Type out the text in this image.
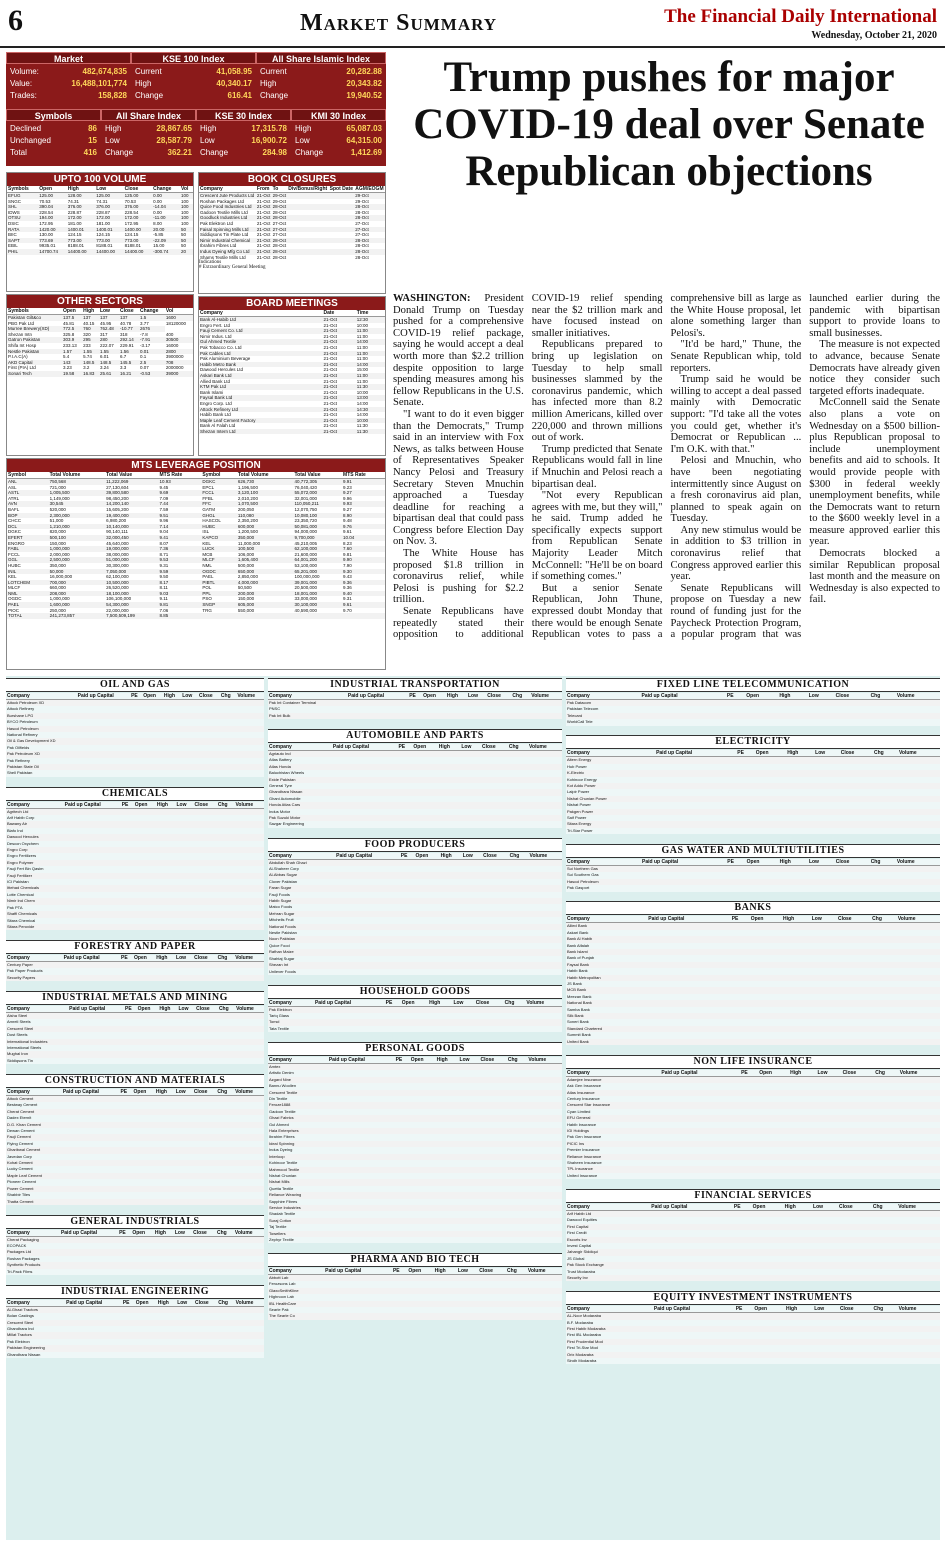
6	Market Summary	The Financial Daily International
Wednesday, October 21, 2020
Market
Volume:	482,674,835
Value:	16,488,101,774
Trades:	158,828
KSE 100 Index
Current	41,058.95
High	40,340.17
Change	616.41
All Share Islamic Index
Current	20,282.88
High	20,343.82
Change	19,940.52
Symbols
Declined	86
Unchanged	15
Total	416
All Share Index
High	28,867.65
Low	28,587.79
Change	362.21
KSE 30 Index
High	17,315.78
Low	16,900.72
Change	284.98
KMI 30 Index
High	65,087.03
Low	64,315.00
Change	1,412.69
Trump pushes for major COVID-19 deal over Senate Republican objections

WASHINGTON: President Donald Trump on Tuesday pushed for a comprehensive COVID-19 relief package, saying he would accept a deal worth more than $2.2 trillion despite opposition to large spending measures among his fellow Republicans in the U.S. Senate.

"I want to do it even bigger than the Democrats," Trump said in an interview with Fox News, as talks between House of Representatives Speaker Nancy Pelosi and Treasury Secretary Steven Mnuchin approached a Tuesday deadline for reaching a bipartisan deal that could pass Congress before Election Day on Nov. 3.

The White House has proposed $1.8 trillion in coronavirus relief, while Pelosi is pushing for $2.2 trillion.

Senate Republicans have repeatedly stated their opposition to additional COVID-19 relief spending near the $2 trillion mark and have focused instead on smaller initiatives.

Republicans prepared to bring up legislation on Tuesday to help small businesses slammed by the coronavirus pandemic, which has infected more than 8.2 million Americans, killed over 220,000 and thrown millions out of work.

Trump predicted that Senate Republicans would fall in line if Mnuchin and Pelosi reach a bipartisan deal.

"Not every Republican agrees with me, but they will," he said. Trump added he specifically expects support from Republican Senate Majority Leader Mitch McConnell: "He'll be on board if something comes."

But a senior Senate Republican, John Thune, expressed doubt Monday that there would be enough Senate Republican votes to pass a comprehensive bill as large as the White House proposal, let alone something larger than Pelosi's.

"It'd be hard," Thune, the Senate Republican whip, told reporters.

Trump said he would be willing to accept a deal passed mainly with Democratic support: "I'd take all the votes you could get, whether it's Democrat or Republican ... I'm O.K. with that."

Pelosi and Mnuchin, who have been negotiating intermittently since August on a fresh coronavirus aid plan, planned to speak again on Tuesday.

Any new stimulus would be in addition to $3 trillion in coronavirus relief that Congress approved earlier this year.

Senate Republicans will propose on Tuesday a new round of funding just for the Paycheck Protection Program, a popular program that was launched earlier during the pandemic with bipartisan support to provide loans to small businesses.

The measure is not expected to advance, because Senate Democrats have already given notice they consider such targeted efforts inadequate.

McConnell said the Senate also plans a vote on Wednesday on a $500 billion-plus Republican proposal to include unemployment benefits and aid to schools. It would provide people with $300 in federal weekly unemployment benefits, while the Democrats want to return to the $600 weekly level in a measure approved earlier this year.

Democrats blocked a similar Republican proposal last month and the measure on Wednesday is also expected to fail.

UPTO 100 VOLUME
Symbols	Open	High	Low	Close	Change	Vol
EFUG	125.00	128.00	125.00	125.00	0.00	100
SNGC	70.53	74.31	74.31	70.53	0.00	100
SHL	390.04	376.00	376.00	376.00	-14.04	100
IDWS	228.54	228.87	228.87	228.54	0.00	100
OTSU	194.00	172.00	172.00	172.00	-11.00	100
DSIC	172.95	181.00	181.00	172.95	8.00	100
RATA	1420.00	1400.01	1400.01	1400.00	20.00	50
BIIC	130.00	124.15	124.15	124.15	-5.85	50
SAPT	773.69	773.00	773.00	773.00	-22.09	50
EBIL	9935.01	8188.01	8188.01	8188.01	15.00	50
PHIL	14700.74	14400.00	14400.00	14400.00	-300.74	20
OTHER SECTORS
Symbols	Open	High	Low	Close	Change	Vol
Pakistan Gilt&co	137.5	137	137	137	1.5	1600
PBG Pak Ltd	45.81	40.15	45.95	40.78	3.77	18120000
Murree Brewery(XD)	772.5	760	762.48	-10.77	2676	
Shezan Intn	325.8	320	317	318	-7.8	400
Gatron Pakistan	303.9	295	280	292.14	-7.91	30500
Shifa Int Hosp	233.13	233	222.07	229.91	-3.17	16000
Nestle Pakistan	1.57	1.55	1.55	1.56	0.01	2800
P.I.A.C(A)	5.4	5.74	6.01	6.7	0.1	3900000
AKD Capital	143	148.5	148.5	145.5	2.5	708
First (PIA) Ltd	3.23	3.2	3.24	3.3	0.07	2000000
Sonari Tech	19.58	16.83	25.61	16.21	-0.53	39000
BOOK CLOSURES
Company	From	To	Div/Bonus/Right	Spot Date	AGM/EOGM
Crescent Jute Products Ltd	21-Oct	29-Oct			29-Oct
Roshan Packages Ltd	21-Oct	29-Oct			29-Oct
Quice Food Industries Ltd	21-Oct	28-Oct			28-Oct
Gadoon Textile Mills Ltd	21-Oct	28-Oct			28-Oct
Goodluck Industries Ltd	21-Oct	28-Oct			28-Oct
Pak Elektron Ltd	21-Oct	27-Oct			27-Oct
Faisal Spinning Mills Ltd	21-Oct	27-Oct			27-Oct
Siddiqsons Tin Plate Ltd	21-Oct	27-Oct			27-Oct
Nimir Industrial Chemical	21-Oct	28-Oct			28-Oct
Ibrahim Fibres Ltd	21-Oct	28-Oct			28-Oct
Indus Dyeing Mfg Co Ltd	21-Oct	28-Oct			28-Oct
Shams Textile Mills Ltd	21-Oct	28-Oct			28-Oct
Indications
# Extraordinary General Meeting
BOARD MEETINGS
Company	Date	Time
Bank Al-Habib Ltd	21-Oct	12:30
Engro Fert. Ltd	21-Oct	10:00
Fauji Cement Co. Ltd	21-Oct	11:00
Nimir Indus. Ltd	21-Oct	11:00
Gul Ahmed Textile	21-Oct	14:00
Pak Tobacco Co. Ltd	21-Oct	11:00
Pak Cables Ltd	21-Oct	11:00
Pak Aluminium Beverage	21-Oct	11:00
Habib Metro Bank	21-Oct	14:00
Dawood Hercules Ltd	21-Oct	15:00
Askari Bank Ltd	21-Oct	11:00
Allied Bank Ltd	21-Oct	11:00
KTM Pak Ltd	21-Oct	11:30
Bank Islami	21-Oct	10:00
Faysal Bank Ltd	21-Oct	13:00
Engro Corp. Ltd	21-Oct	14:00
Attock Refinery Ltd	21-Oct	14:30
Habib Bank Ltd	21-Oct	14:00
Maple Leaf Cement Factory	21-Oct	10:00
Bank Al Falah Ltd	21-Oct	11:30
Shezan Intern Ltd	21-Oct	11:30
MTS LEVERAGE POSITION
Symbol	Total Volume	Total Value	MTS Rate	Symbol	Total Volume	Total Value	MTS Rate
ANL	750,568	11,222,069	10.93	DGKC	626,730	40,772,305	9.91
ASL	721,000	27,130,604	9.45	EPCL	1,196,500	76,040,420	9.23
ASTL	1,005,500	39,800,580	9.69	FCCL	3,120,100	55,072,000	9.27
ATRL	1,149,000	98,450,200	7.09	FFBL	2,010,200	32,001,000	9.96
AVN	30,545	14,200,140	7.44	FFC	1,070,500	110,050,211	9.93
BAFL	520,000	15,605,200	7.59	GATM	200,050	12,070,750	9.27
BOP	2,300,000	19,400,000	9.51	GHGL	110,080	10,080,100	8.90
CHCC	51,000	6,980,200	9.96	HASCOL	2,350,200	23,350,720	9.48
DCL	1,210,000	10,140,000	7.14	HUBC	600,000	50,081,000	9.76
DGKC	820,000	90,140,111	9.04	ISL	1,200,500	94,000,000	9.61
EFERT	500,100	32,000,450	9.41	KAPCO	350,000	9,700,000	10.04
ENGRO	150,000	45,640,000	8.07	KEL	11,000,000	45,210,005	8.23
FABL	1,000,000	19,000,000	7.36	LUCK	100,500	62,100,000	7.60
FCCL	2,000,000	38,000,000	8.71	MCB	106,000	21,600,000	9.81
GGL	2,500,000	51,000,000	9.53	MLCF	1,605,400	64,001,200	9.90
HUBC	350,000	30,300,000	9.31	NML	500,000	53,100,000	7.90
INIL	50,000	7,050,000	9.59	OGDC	650,000	65,201,000	9.30
KEL	16,000,000	62,100,000	9.50	PAEL	2,850,000	100,000,000	9.43
LOTCHEM	700,000	10,500,000	8.17	PIBTL	4,000,000	39,001,000	9.36
MLCF	660,000	26,520,000	8.11	POL	50,500	20,500,000	9.36
NML	208,000	18,100,000	9.03	PPL	200,000	18,001,000	9.40
OGDC	1,000,000	106,100,000	9.11	PSO	150,000	33,000,000	9.31
PAEL	1,600,000	54,300,000	9.81	SNGP	605,000	30,100,000	9.61
PIOC	250,000	22,000,000	7.06	TRG	550,000	40,590,000	9.70
TOTAL	241,273,857	7,500,509,199	8.85				
OIL AND GAS
Company	Paid up Capital	PE	Open	High	Low	Close	Chg	Volume
Attock Petroleum XD								
Attock Refinery								
Burshane LPG								
BYCO Petroleum								
Hascol Petroleum								
National Refinery								
Oil & Gas Development XD								
Pak Oilfields								
Pak Petroleum XD								
Pak Refinery								
Pakistan State Oil								
Shell Pakistan								
CHEMICALS
Company	Paid up Capital	PE	Open	High	Low	Close	Chg	Volume
Agritech Ltd								
Arif Habib Corp								
Bawany Air								
Biafo Ind								
Dawood Hercules								
Descon Oxychem								
Engro Corp								
Engro Fertilizers								
Engro Polymer								
Fauji Fert Bin Qasim								
Fauji Fertilizer								
ICI Pakistan								
Ittehad Chemicals								
Lotte Chemical								
Nimir Ind Chem								
Pak PTA								
Shaffi Chemicals								
Sitara Chemical								
Sitara Peroxide								
FORESTRY AND PAPER
Company	Paid up Capital	PE	Open	High	Low	Close	Chg	Volume
Century Paper								
Pak Paper Products								
Security Papers								
INDUSTRIAL METALS AND MINING
Company	Paid up Capital	PE	Open	High	Low	Close	Chg	Volume
Aisha Steel								
Amreli Steels								
Crescent Steel								
Dost Steels								
International Industries								
International Steels								
Mughal Iron								
Siddiqsons Tin								
CONSTRUCTION AND MATERIALS
Company	Paid up Capital	PE	Open	High	Low	Close	Chg	Volume
Attock Cement								
Bestway Cement								
Cherat Cement								
Dadex Eternit								
D.G. Khan Cement								
Dewan Cement								
Fauji Cement								
Flying Cement								
Gharibwal Cement								
Javedan Corp								
Kohat Cement								
Lucky Cement								
Maple Leaf Cement								
Pioneer Cement								
Power Cement								
Shabbir Tiles								
Thatta Cement								
GENERAL INDUSTRIALS
Company	Paid up Capital	PE	Open	High	Low	Close	Chg	Volume
Cherat Packaging								
ECOPACK								
Packages Ltd								
Roshan Packages								
Synthetic Products								
Tri-Pack Films								
INDUSTRIAL ENGINEERING
Company	Paid up Capital	PE	Open	High	Low	Close	Chg	Volume
Al-Ghazi Tractors								
Bolan Castings								
Crescent Steel								
Ghandhara Ind								
Millat Tractors								
Pak Elektron								
Pakistan Engineering								
Ghandhara Nissan								
INDUSTRIAL TRANSPORTATION
Company	Paid up Capital	PE	Open	High	Low	Close	Chg	Volume
Pak Int Container Terminal								
PNSC								
Pak Int Bulk								
AUTOMOBILE AND PARTS
Company	Paid up Capital	PE	Open	High	Low	Close	Chg	Volume
Agriauto Ind								
Atlas Battery								
Atlas Honda								
Baluchistan Wheels								
Exide Pakistan								
General Tyre								
Ghandhara Nissan								
Ghani Automobile								
Honda Atlas Cars								
Indus Motor								
Pak Suzuki Motor								
Sazgar Engineering								
FOOD PRODUCERS
Company	Paid up Capital	PE	Open	High	Low	Close	Chg	Volume
Abdullah Shah Ghazi								
Al-Shaheer Corp								
Al-Abbas Sugar								
Clover Pakistan								
Faran Sugar								
Fauji Foods								
Habib Sugar								
Matco Foods								
Mehran Sugar								
Mitchells Fruit								
National Foods								
Nestle Pakistan								
Noon Pakistan								
Quice Food								
Rafhan Maize								
Shahtaj Sugar								
Shezan Int								
Unilever Foods								
HOUSEHOLD GOODS
Company	Paid up Capital	PE	Open	High	Low	Close	Chg	Volume
Pak Elektron								
Tariq Glass								
Tomcl								
Tata Textile								
PERSONAL GOODS
Company	Paid up Capital	PE	Open	High	Low	Close	Chg	Volume
Amtex								
Artistic Denim								
Azgard Nine								
Bannu Woollen								
Crescent Textile								
Din Textile								
Feroze1888								
Gadoon Textile								
Ghazi Fabrics								
Gul Ahmed								
Hala Enterprises								
Ibrahim Fibres								
Ideal Spinning								
Indus Dyeing								
Interloop								
Kohinoor Textile								
Mahmood Textile								
Nishat Chunian								
Nishat Mills								
Quetta Textile								
Reliance Weaving								
Sapphire Fibres								
Service Industries								
Shadab Textile								
Suraj Cotton								
Taj Textile								
Towellers								
Zephyr Textile								
PHARMA AND BIO TECH
Company	Paid up Capital	PE	Open	High	Low	Close	Chg	Volume
Abbott Lab								
Ferozsons Lab								
GlaxoSmithKline								
Highnoon Lab								
IBL HealthCare								
Searle Pak								
The Searle Co								
FIXED LINE TELECOMMUNICATION
Company	Paid up Capital	PE	Open	High	Low	Close	Chg	Volume
Pak Datacom								
Pakistan Telecom								
Telecard								
WorldCall Tele								
ELECTRICITY
Company	Paid up Capital	PE	Open	High	Low	Close	Chg	Volume
Altern Energy								
Hub Power								
K-Electric								
Kohinoor Energy								
Kot Addu Power								
Lalpir Power								
Nishat Chunian Power								
Nishat Power								
Pakgen Power								
Saif Power								
Sitara Energy								
Tri-Star Power								
GAS WATER AND MULTIUTILITIES
Company	Paid up Capital	PE	Open	High	Low	Close	Chg	Volume
Sui Northern Gas								
Sui Southern Gas								
Hascol Petroleum								
Pak Gasport								
BANKS
Company	Paid up Capital	PE	Open	High	Low	Close	Chg	Volume
Allied Bank								
Askari Bank								
Bank Al Habib								
Bank Alfalah								
Bank Islami								
Bank of Punjab								
Faysal Bank								
Habib Bank								
Habib Metropolitan								
JS Bank								
MCB Bank								
Meezan Bank								
National Bank								
Samba Bank								
Silk Bank								
Soneri Bank								
Standard Chartered								
Summit Bank								
United Bank								
NON LIFE INSURANCE
Company	Paid up Capital	PE	Open	High	Low	Close	Chg	Volume
Adamjee Insurance								
Ask Gen Insurance								
Atlas Insurance								
Century Insurance								
Crescent Star Insurance								
Cyan Limited								
EFU General								
Habib Insurance								
IGI Holdings								
Pak Gen Insurance								
PICIC Ins								
Premier Insurance								
Reliance Insurance								
Shaheen Insurance								
TPL Insurance								
United Insurance								
FINANCIAL SERVICES
Company	Paid up Capital	PE	Open	High	Low	Close	Chg	Volume
Arif Habib Ltd								
Dawood Equities								
First Capital								
First Credit								
Escorts Inv								
Invest Capital								
Jahangir Siddiqui								
JS Global								
Pak Stock Exchange								
Trust Modaraba								
Security Inv								
EQUITY INVESTMENT INSTRUMENTS
Company	Paid up Capital	PE	Open	High	Low	Close	Chg	Volume
AL-Noor Modaraba								
B.F. Modaraba								
First Habib Modaraba								
First IBL Modaraba								
First Prudential Mod								
First Tri-Star Mod								
Orix Modaraba								
Sindh Modaraba								
